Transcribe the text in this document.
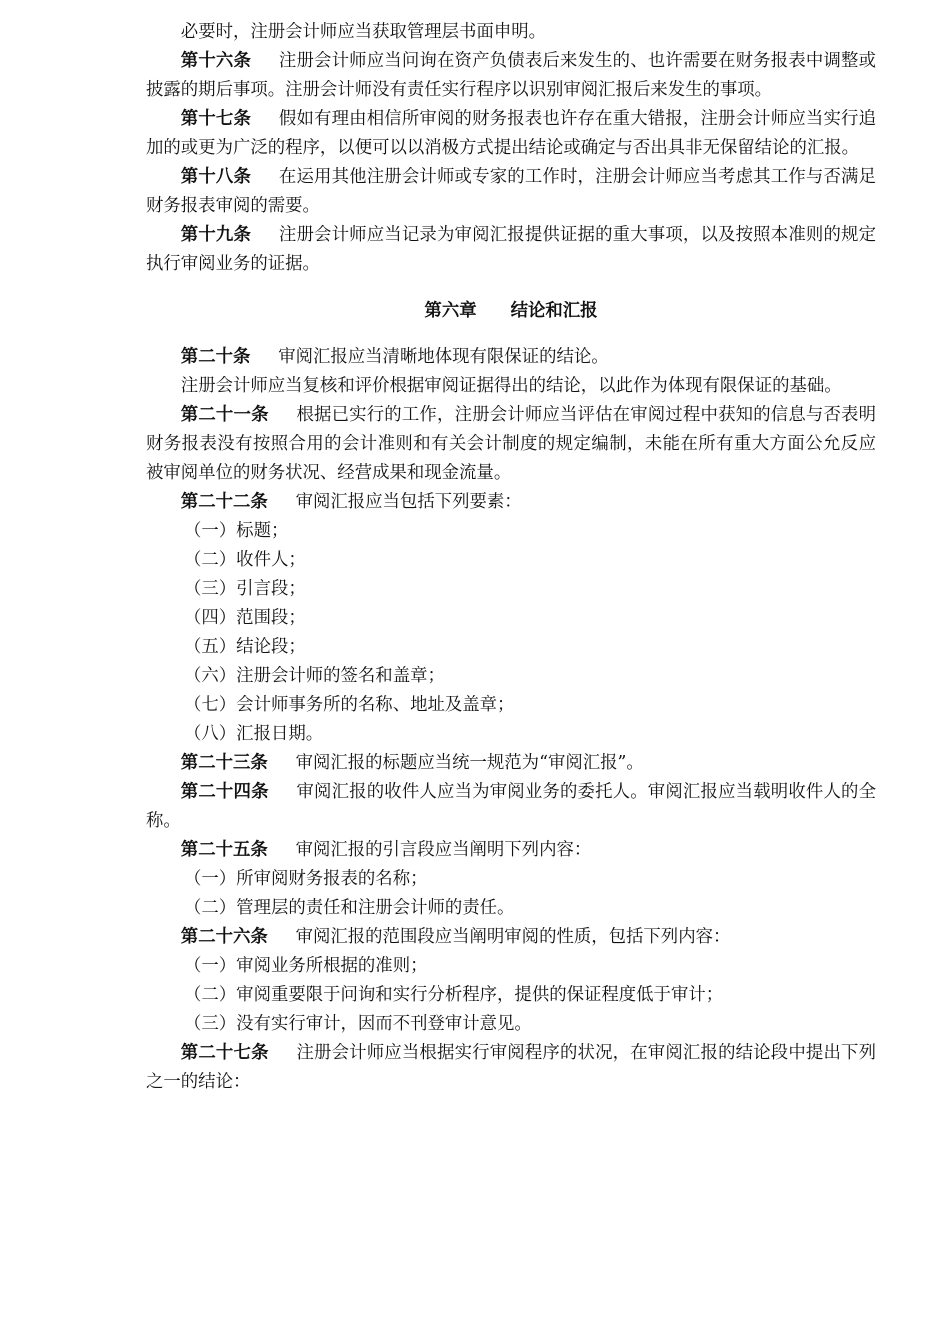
必要时，注册会计师应当获取管理层书面申明。

第十六条 注册会计师应当问询在资产负债表后来发生的、也许需要在财务报表中调整或披露的期后事项。注册会计师没有责任实行程序以识别审阅汇报后来发生的事项。

第十七条 假如有理由相信所审阅的财务报表也许存在重大错报，注册会计师应当实行追加的或更为广泛的程序，以便可以以消极方式提出结论或确定与否出具非无保留结论的汇报。

第十八条 在运用其他注册会计师或专家的工作时，注册会计师应当考虑其工作与否满足财务报表审阅的需要。

第十九条 注册会计师应当记录为审阅汇报提供证据的重大事项，以及按照本准则的规定执行审阅业务的证据。

第六章 结论和汇报

第二十条 审阅汇报应当清晰地体现有限保证的结论。

注册会计师应当复核和评价根据审阅证据得出的结论，以此作为体现有限保证的基础。

第二十一条 根据已实行的工作，注册会计师应当评估在审阅过程中获知的信息与否表明财务报表没有按照合用的会计准则和有关会计制度的规定编制，未能在所有重大方面公允反应被审阅单位的财务状况、经营成果和现金流量。

第二十二条 审阅汇报应当包括下列要素：

（一）标题；

（二）收件人；

（三）引言段；

（四）范围段；

（五）结论段；

（六）注册会计师的签名和盖章；

（七）会计师事务所的名称、地址及盖章；

（八）汇报日期。

第二十三条 审阅汇报的标题应当统一规范为“审阅汇报”。

第二十四条 审阅汇报的收件人应当为审阅业务的委托人。审阅汇报应当载明收件人的全称。

第二十五条 审阅汇报的引言段应当阐明下列内容：

（一）所审阅财务报表的名称；

（二）管理层的责任和注册会计师的责任。

第二十六条 审阅汇报的范围段应当阐明审阅的性质，包括下列内容：

（一）审阅业务所根据的准则；

（二）审阅重要限于问询和实行分析程序，提供的保证程度低于审计；

（三）没有实行审计，因而不刊登审计意见。

第二十七条 注册会计师应当根据实行审阅程序的状况，在审阅汇报的结论段中提出下列之一的结论：
